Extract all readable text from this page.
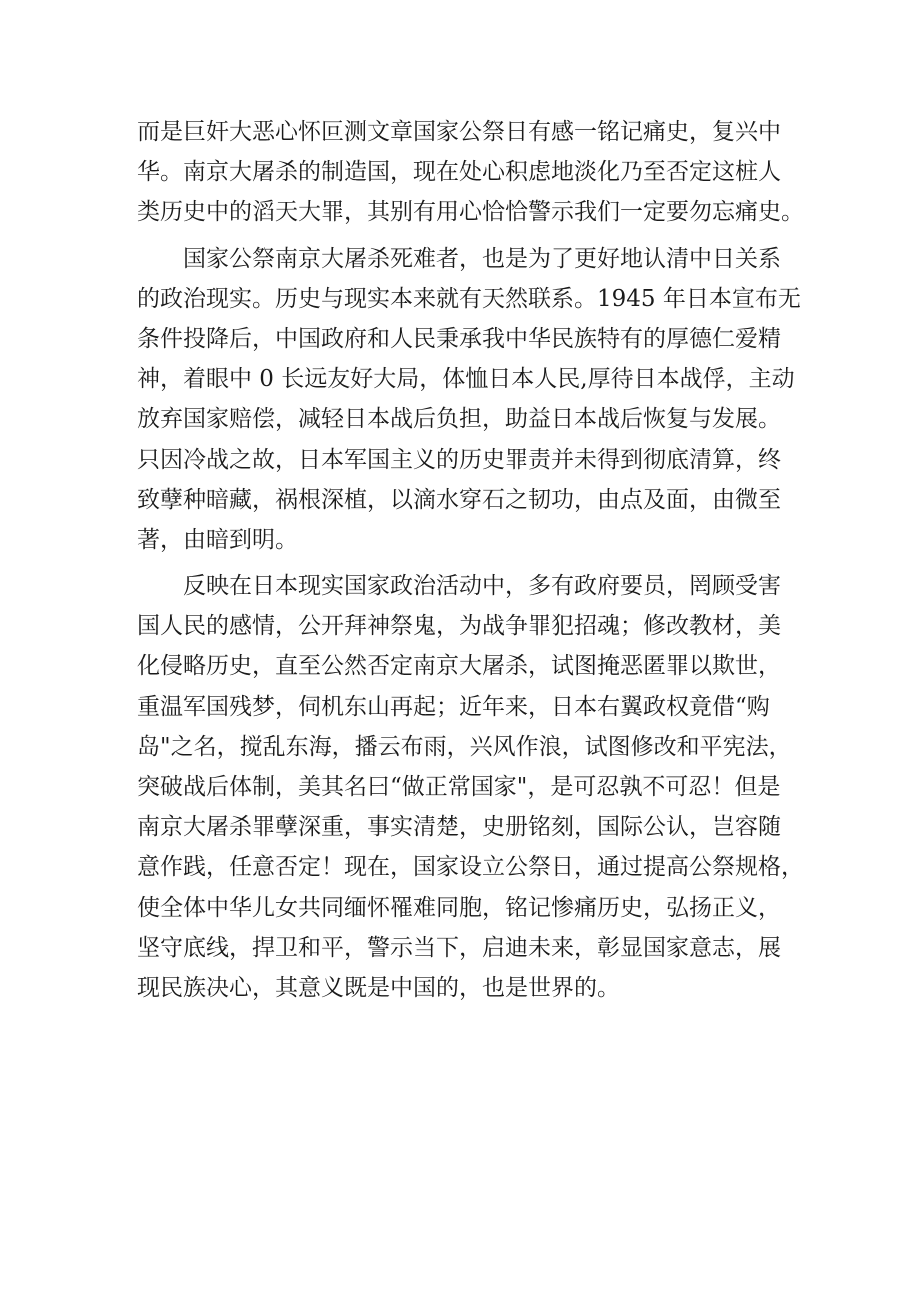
而是巨奸大恶心怀叵测文章国家公祭日有感一铭记痛史，复兴中
华。南京大屠杀的制造国，现在处心积虑地淡化乃至否定这桩人
类历史中的滔天大罪，其别有用心恰恰警示我们一定要勿忘痛史。
　　国家公祭南京大屠杀死难者，也是为了更好地认清中日关系
的政治现实。历史与现实本来就有天然联系。1945 年日本宣布无
条件投降后，中国政府和人民秉承我中华民族特有的厚德仁爱精
神，着眼中 0 长远友好大局，体恤日本人民,厚待日本战俘，主动
放弃国家赔偿，减轻日本战后负担，助益日本战后恢复与发展。
只因冷战之故，日本军国主义的历史罪责并未得到彻底清算，终
致孽种暗藏，祸根深植，以滴水穿石之韧功，由点及面，由微至
著，由暗到明。
　　反映在日本现实国家政治活动中，多有政府要员，罔顾受害
国人民的感情，公开拜神祭鬼，为战争罪犯招魂；修改教材，美
化侵略历史，直至公然否定南京大屠杀，试图掩恶匿罪以欺世，
重温军国残梦，伺机东山再起；近年来，日本右翼政权竟借“购
岛"之名，搅乱东海，播云布雨，兴风作浪，试图修改和平宪法，
突破战后体制，美其名曰“做正常国家"，是可忍孰不可忍！但是
南京大屠杀罪孽深重，事实清楚，史册铭刻，国际公认，岂容随
意作践，任意否定！现在，国家设立公祭日，通过提高公祭规格，
使全体中华儿女共同缅怀罹难同胞，铭记惨痛历史，弘扬正义，
坚守底线，捍卫和平，警示当下，启迪未来，彰显国家意志，展
现民族决心，其意义既是中国的，也是世界的。
